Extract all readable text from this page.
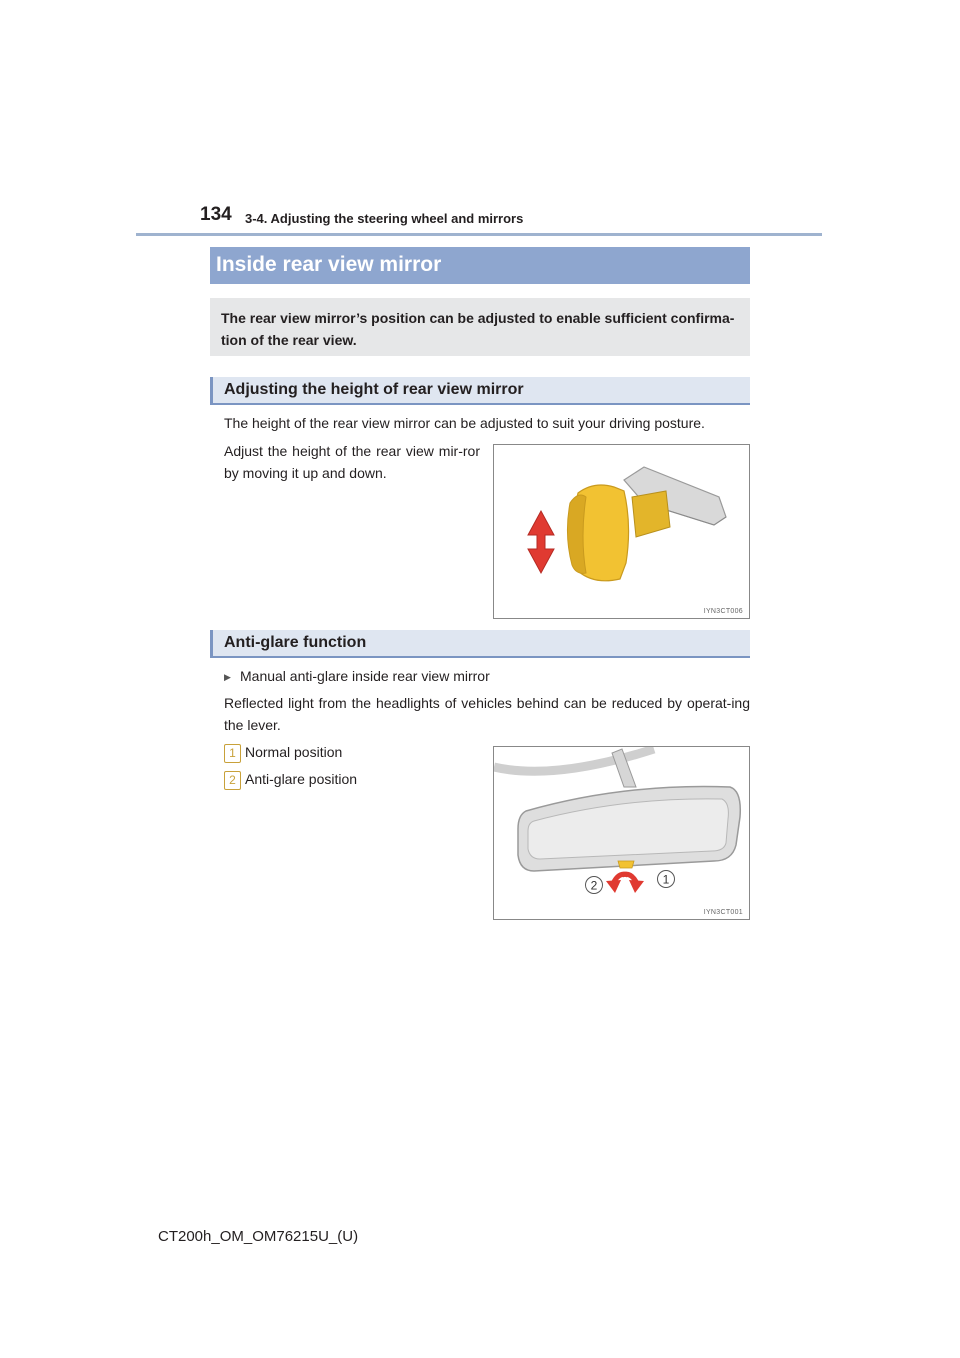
134 3-4. Adjusting the steering wheel and mirrors
Inside rear view mirror
The rear view mirror’s position can be adjusted to enable sufficient confirma-tion of the rear view.
Adjusting the height of rear view mirror
The height of the rear view mirror can be adjusted to suit your driving posture.
Adjust the height of the rear view mir-ror by moving it up and down.
IYN3CT006
Anti-glare function
▶ Manual anti-glare inside rear view mirror
Reflected light from the headlights of vehicles behind can be reduced by operat-ing the lever.
1 Normal position
2 Anti-glare position
2	1
IYN3CT001
CT200h_OM_OM76215U_(U)
